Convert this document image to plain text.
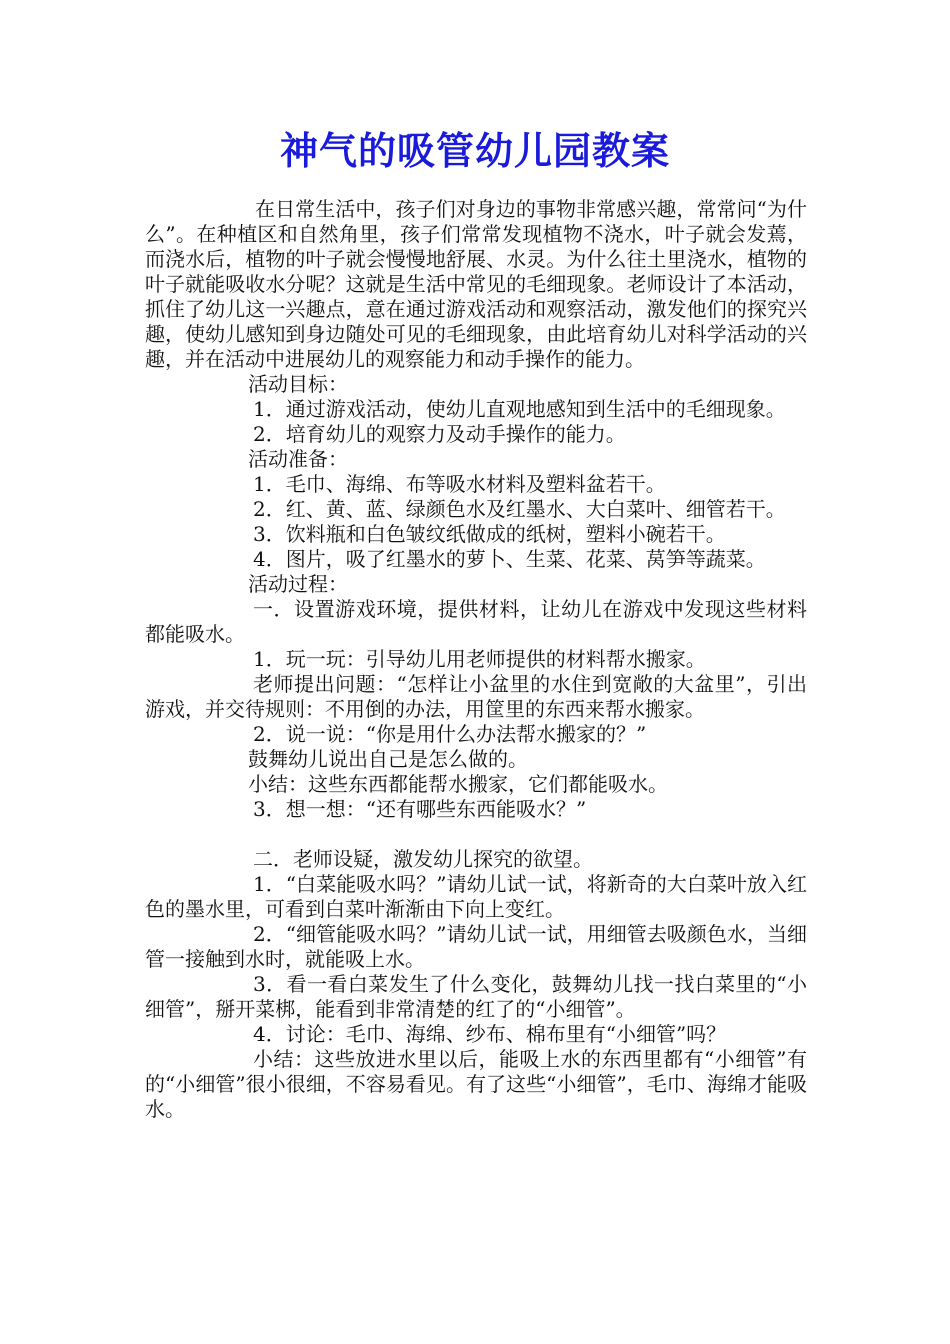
神气的吸管幼儿园教案

在日常生活中，孩子们对身边的事物非常感兴趣，常常问“为什么”。在种植区和自然角里，孩子们常常发现植物不浇水，叶子就会发蔫，而浇水后，植物的叶子就会慢慢地舒展、水灵。为什么往土里浇水，植物的叶子就能吸收水分呢？这就是生活中常见的毛细现象。老师设计了本活动，抓住了幼儿这一兴趣点，意在通过游戏活动和观察活动，激发他们的探究兴趣，使幼儿感知到身边随处可见的毛细现象，由此培育幼儿对科学活动的兴趣，并在活动中进展幼儿的观察能力和动手操作的能力。

活动目标：

1．通过游戏活动，使幼儿直观地感知到生活中的毛细现象。

2．培育幼儿的观察力及动手操作的能力。

活动准备：

1．毛巾、海绵、布等吸水材料及塑料盆若干。

2．红、黄、蓝、绿颜色水及红墨水、大白菜叶、细管若干。

3．饮料瓶和白色皱纹纸做成的纸树，塑料小碗若干。

4．图片，吸了红墨水的萝卜、生菜、花菜、莴笋等蔬菜。

活动过程：

一．设置游戏环境，提供材料，让幼儿在游戏中发现这些材料都能吸水。

1．玩一玩：引导幼儿用老师提供的材料帮水搬家。

老师提出问题：“怎样让小盆里的水住到宽敞的大盆里”，引出游戏，并交待规则：不用倒的办法，用筐里的东西来帮水搬家。

2．说一说：“你是用什么办法帮水搬家的？”

鼓舞幼儿说出自己是怎么做的。

小结：这些东西都能帮水搬家，它们都能吸水。

3．想一想：“还有哪些东西能吸水？”

二．老师设疑，激发幼儿探究的欲望。

1．“白菜能吸水吗？”请幼儿试一试，将新奇的大白菜叶放入红色的墨水里，可看到白菜叶渐渐由下向上变红。

2．“细管能吸水吗？”请幼儿试一试，用细管去吸颜色水，当细管一接触到水时，就能吸上水。

3．看一看白菜发生了什么变化，鼓舞幼儿找一找白菜里的“小细管”，掰开菜梆，能看到非常清楚的红了的“小细管”。

4．讨论：毛巾、海绵、纱布、棉布里有“小细管”吗？

小结：这些放进水里以后，能吸上水的东西里都有“小细管”有的“小细管”很小很细，不容易看见。有了这些“小细管”，毛巾、海绵才能吸水。
